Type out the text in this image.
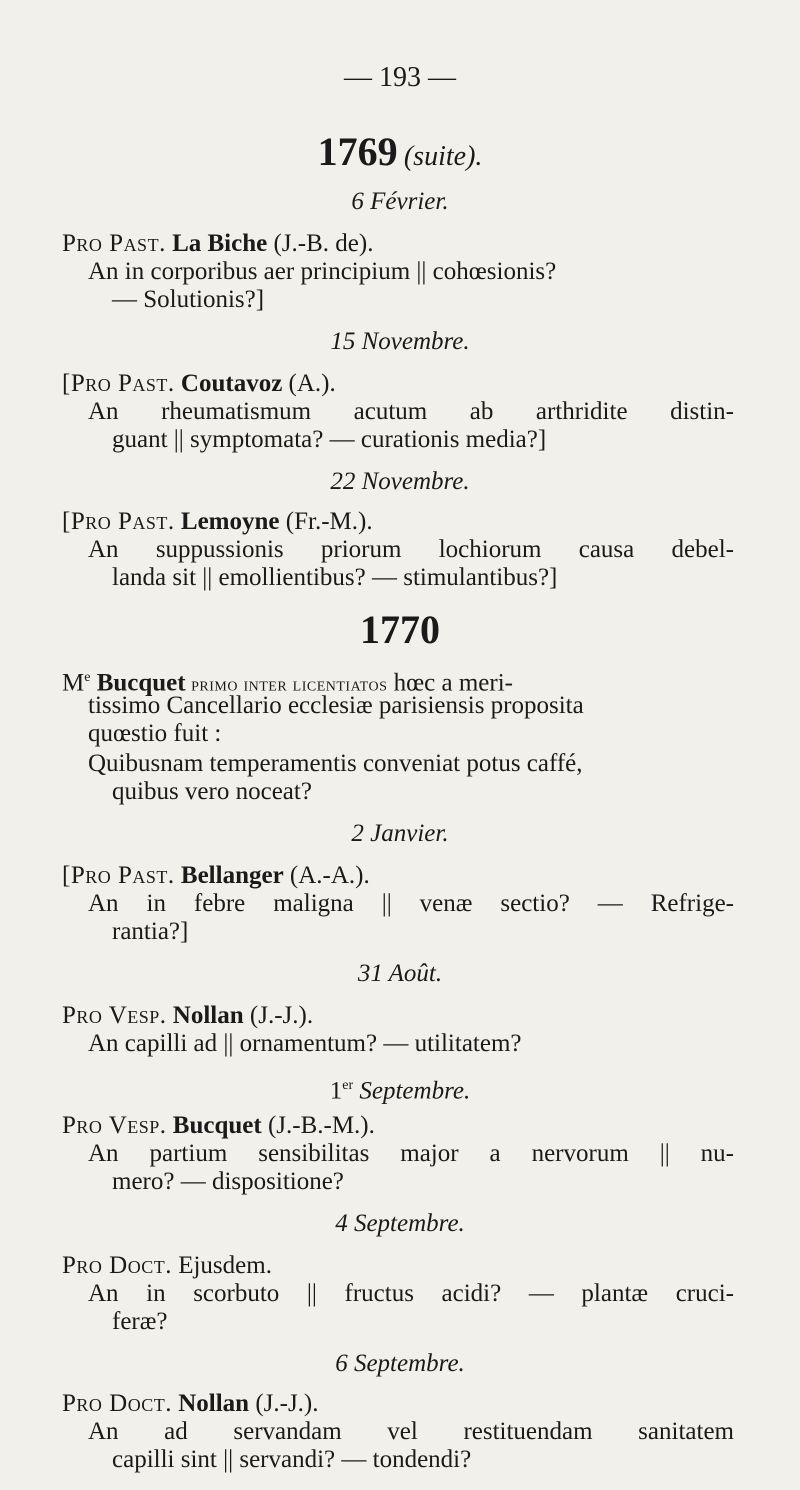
— 193 —
1769 (suite).
6 Février.
Pro Past. La Biche (J.-B. de).
An in corporibus aer principium || cohœsionis?
— Solutionis?]
15 Novembre.
[Pro Past. Coutavoz (A.).
An rheumatismum acutum ab arthridite distin-
guant || symptomata? — curationis media?]
22 Novembre.
[Pro Past. Lemoyne (Fr.-M.).
An suppussionis priorum lochiorum causa debel-
landa sit || emollientibus? — stimulantibus?]
1770
Me Bucquet primo inter licentiatos hœc a meri-
tissimo Cancellario ecclesiæ parisiensis proposita
quœstio fuit :
Quibusnam temperamentis conveniat potus caffé,
quibus vero noceat?
2 Janvier.
[Pro Past. Bellanger (A.-A.).
An in febre maligna || venæ sectio? — Refrige-
rantia?]
31 Août.
Pro Vesp. Nollan (J.-J.).
An capilli ad || ornamentum? — utilitatem?
1er Septembre.
Pro Vesp. Bucquet (J.-B.-M.).
An partium sensibilitas major a nervorum || nu-
mero? — dispositione?
4 Septembre.
Pro Doct. Ejusdem.
An in scorbuto || fructus acidi? — plantæ cruci-
feræ?
6 Septembre.
Pro Doct. Nollan (J.-J.).
An ad servandam vel restituendam sanitatem
capilli sint || servandi? — tondendi?
